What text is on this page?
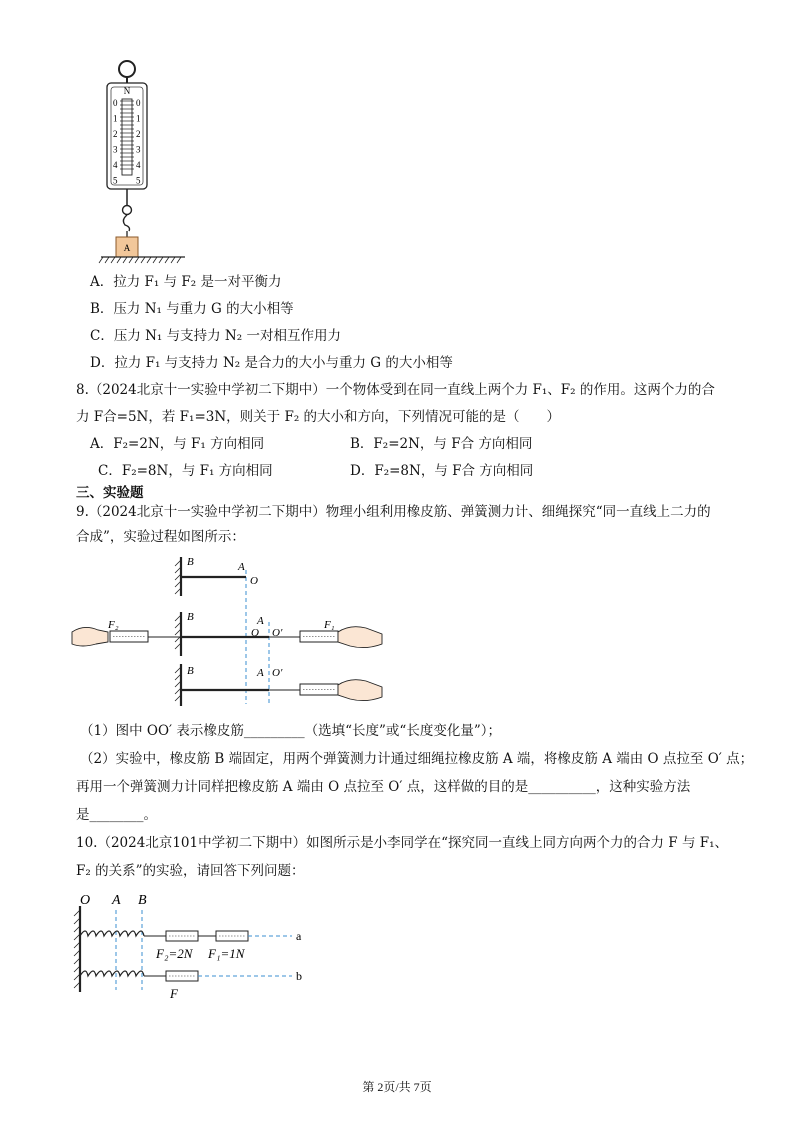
N
0
1
2
3
4
5
0
1
2
3
4
5
A
A．拉力 F₁ 与 F₂ 是一对平衡力
B．压力 N₁ 与重力 G 的大小相等
C．压力 N₁ 与支持力 N₂ 一对相互作用力
D．拉力 F₁ 与支持力 N₂ 是合力的大小与重力 G 的大小相等
8.（2024北京十一实验中学初二下期中）一个物体受到在同一直线上两个力 F₁、F₂ 的作用。这两个力的合
力 F合=5N，若 F₁=3N，则关于 F₂ 的大小和方向，下列情况可能的是（　　）
A．F₂=2N，与 F₁ 方向相同	B．F₂=2N，与 F合 方向相同
C．F₂=8N，与 F₁ 方向相同	D．F₂=8N，与 F合 方向相同
三、实验题
9.（2024北京十一实验中学初二下期中）物理小组利用橡皮筋、弹簧测力计、细绳探究“同一直线上二力的
合成”，实验过程如图所示：
B	A
O
B	A
O O′
F₂	F₁
B	A O′
（1）图中 OO′ 表示橡皮筋_________（选填“长度”或“长度变化量”）；
（2）实验中，橡皮筋 B 端固定，用两个弹簧测力计通过细绳拉橡皮筋 A 端，将橡皮筋 A 端由 O 点拉至 O′ 点；
再用一个弹簧测力计同样把橡皮筋 A 端由 O 点拉至 O′ 点，这样做的目的是__________，这种实验方法
是________。
10.（2024北京101中学初二下期中）如图所示是小李同学在“探究同一直线上同方向两个力的合力 F 与 F₁、
F₂ 的关系”的实验，请回答下列问题：
O A B
a
F₂=2N F₁=1N
b
F
第 2页/共 7页
